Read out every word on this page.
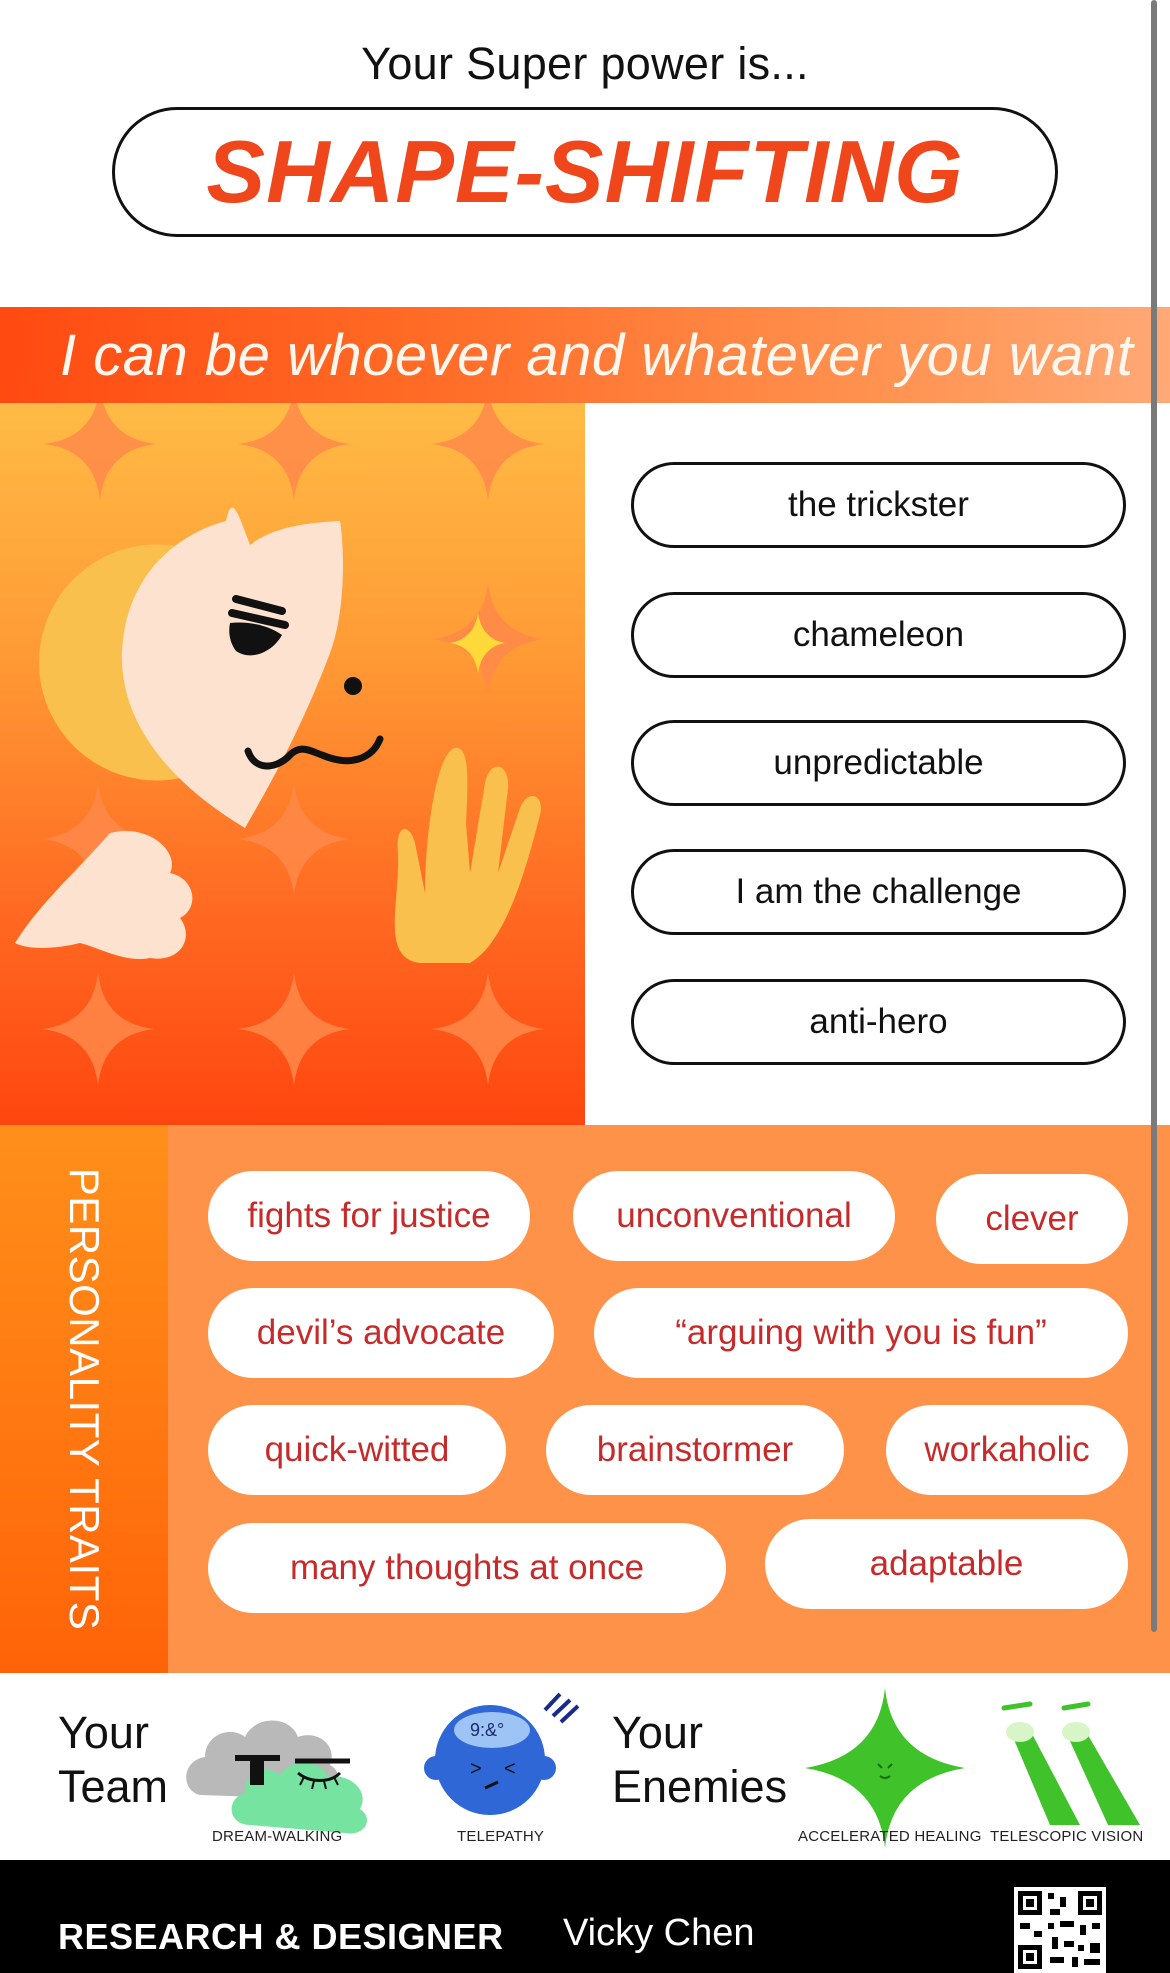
Your Super power is...
SHAPE-SHIFTING
I can be whoever and whatever you want
the trickster
chameleon
unpredictable
I am the challenge
anti-hero
PERSONALITY TRAITS	fights for justice	unconventional	clever
devil’s advocate	“arguing with you is fun”
quick-witted	brainstormer	workaholic
many thoughts at once	adaptable
Your
Team
DREAM-WALKING
9:&°
> <
TELEPATHY
Your
Enemies
ACCELERATED HEALING TELESCOPIC VISION
RESEARCH & DESIGNER Vicky Chen
